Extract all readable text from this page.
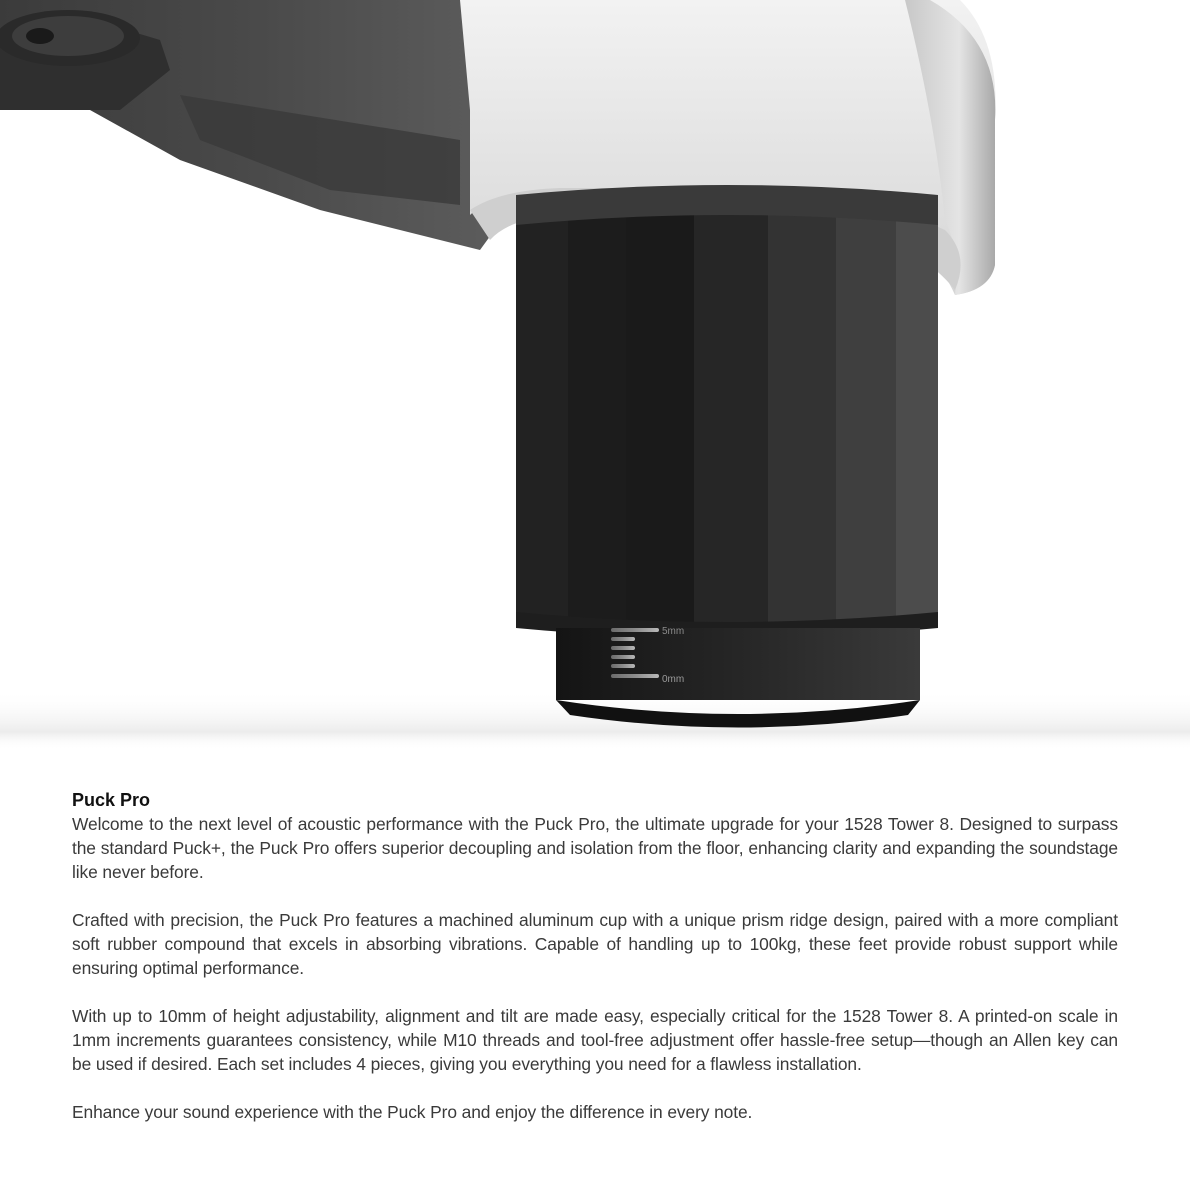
5mm
0mm
Puck Pro

Welcome to the next level of acoustic performance with the Puck Pro, the ultimate upgrade for your 1528 Tower 8. Designed to surpass the standard Puck+, the Puck Pro offers superior decoupling and isolation from the floor, enhancing clarity and expanding the soundstage like never before.

Crafted with precision, the Puck Pro features a machined aluminum cup with a unique prism ridge design, paired with a more compliant soft rubber compound that excels in absorbing vibrations. Capable of handling up to 100kg, these feet provide robust support while ensuring optimal performance.

With up to 10mm of height adjustability, alignment and tilt are made easy, especially critical for the 1528 Tower 8. A printed-on scale in 1mm increments guarantees consistency, while M10 threads and tool-free adjustment offer hassle-free setup—though an Allen key can be used if desired. Each set includes 4 pieces, giving you everything you need for a flawless installation.

Enhance your sound experience with the Puck Pro and enjoy the difference in every note.
